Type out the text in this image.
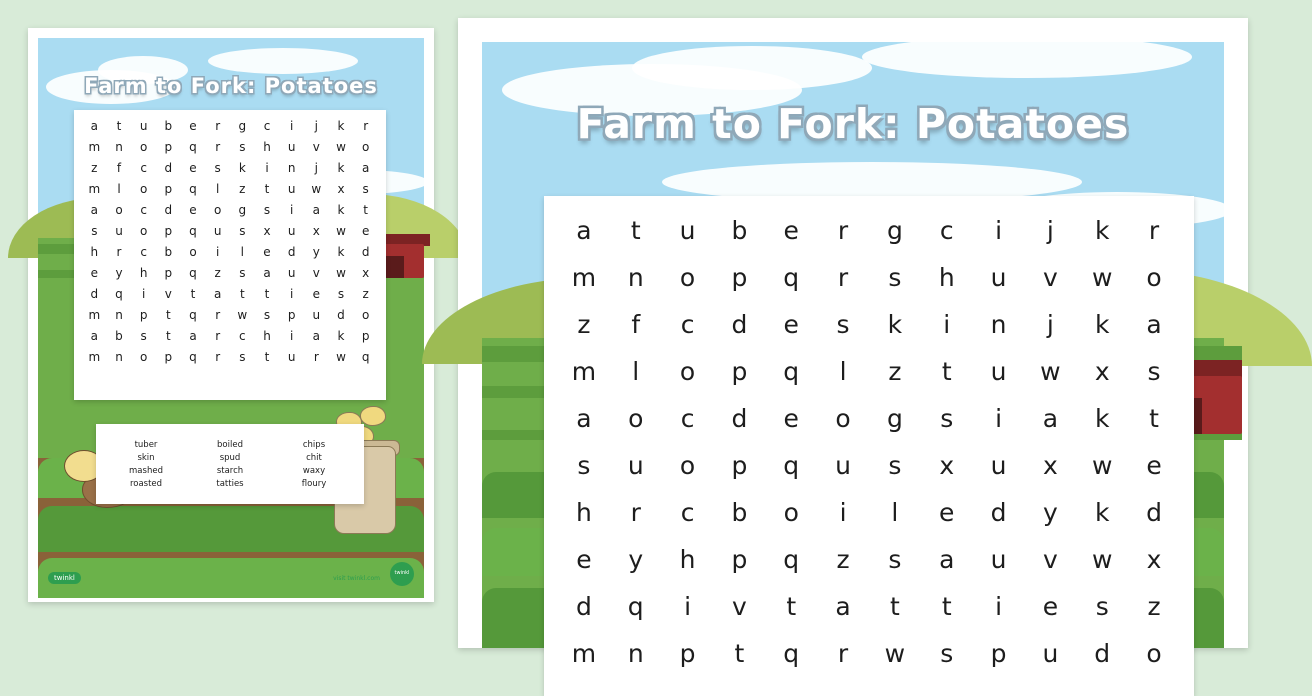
Farm to Fork: Potatoes
a t u b e r g c i j k r
m n o p q r s h u v w o
z f c d e s k i n j k a
m l o p q l z t u w x s
a o c d e o g s i a k t
s u o p q u s x u x w e
h r c b o i l e d y k d
e y h p q z s a u v w x
d q i v t a t t i e s z
m n p t q r w s p u d o
a b s t a r c h i a k p
m n o p q r s t u r w q
tuber	boiled	chips
skin	spud	chit
mashed	starch	waxy
roasted	tatties	floury
twinkl	visit twinkl.com
twinkl
Farm to Fork: Potatoes
a t u b e r g c i j k r
m n o p q r s h u v w o
z f c d e s k i n j k a
m l o p q l z t u w x s
a o c d e o g s i a k t
s u o p q u s x u x w e
h r c b o i l e d y k d
e y h p q z s a u v w x
d q i v t a t t i e s z
m n p t q r w s p u d o
